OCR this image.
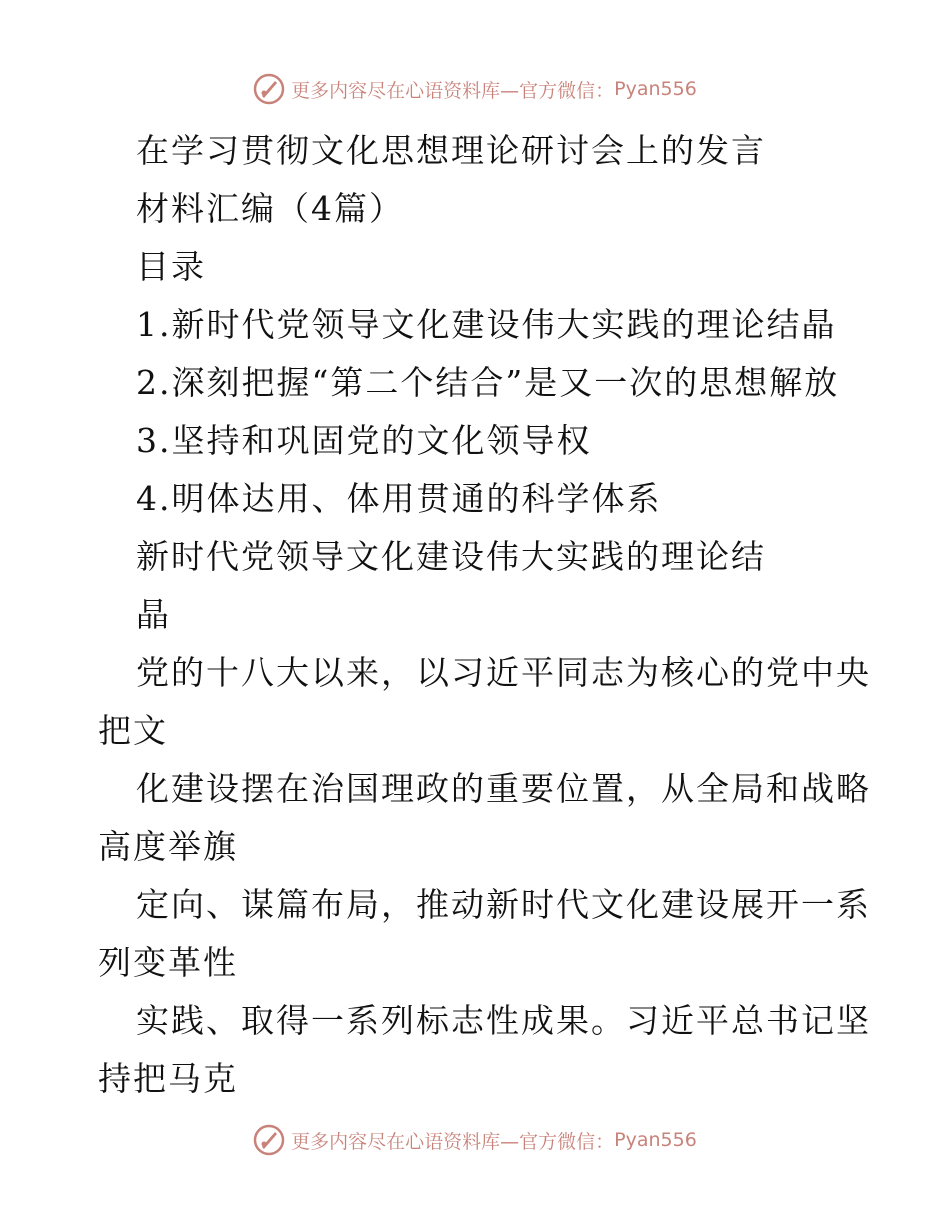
更多内容尽在心语资料库—官方微信： Pyan556

在学习贯彻文化思想理论研讨会上的发言

材料汇编（4篇）

目录

1.新时代党领导文化建设伟大实践的理论结晶

2.深刻把握“第二个结合”是又一次的思想解放

3.坚持和巩固党的文化领导权

4.明体达用、体用贯通的科学体系

新时代党领导文化建设伟大实践的理论结

晶

党的十八大以来，以习近平同志为核心的党中央

把文

化建设摆在治国理政的重要位置，从全局和战略

高度举旗

定向、谋篇布局，推动新时代文化建设展开一系

列变革性

实践、取得一系列标志性成果。习近平总书记坚

持把马克

更多内容尽在心语资料库—官方微信： Pyan556
